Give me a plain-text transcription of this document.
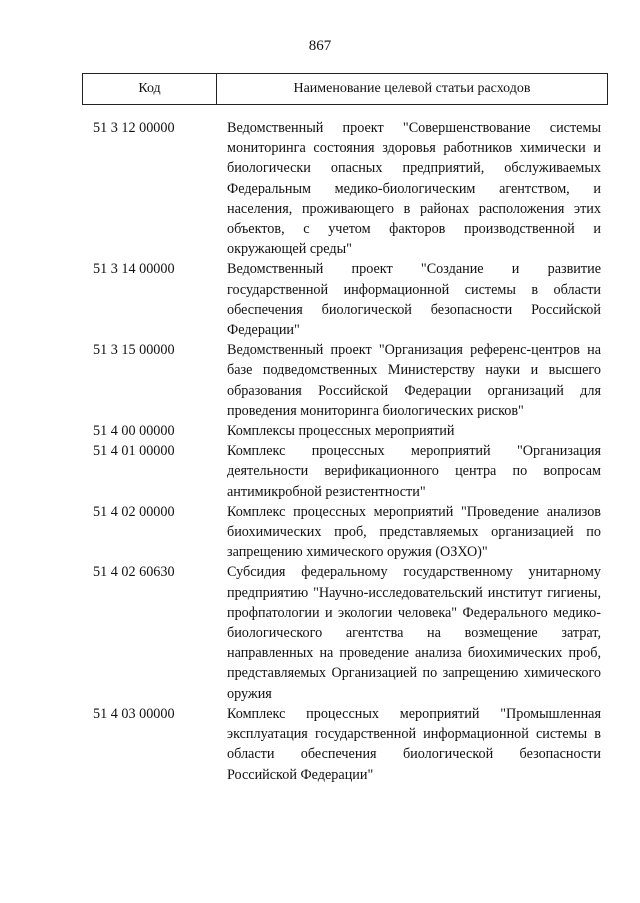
867
Код	Наименование целевой статьи расходов
51 3 12 00000	Ведомственный проект "Совершенствование системы мониторинга состояния здоровья работников химически и биологически опасных предприятий, обслуживаемых Федеральным медико-биологическим агентством, и населения, проживающего в районах расположения этих объектов, с учетом факторов производственной и окружающей среды"
51 3 14 00000	Ведомственный проект "Создание и развитие государственной информационной системы в области обеспечения биологической безопасности Российской Федерации"
51 3 15 00000	Ведомственный проект "Организация референс-центров на базе подведомственных Министерству науки и высшего образования Российской Федерации организаций для проведения мониторинга биологических рисков"
51 4 00 00000	Комплексы процессных мероприятий
51 4 01 00000	Комплекс процессных мероприятий "Организация деятельности верификационного центра по вопросам антимикробной резистентности"
51 4 02 00000	Комплекс процессных мероприятий "Проведение анализов биохимических проб, представляемых организацией по запрещению химического оружия (ОЗХО)"
51 4 02 60630	Субсидия федеральному государственному унитарному предприятию "Научно-исследовательский институт гигиены, профпатологии и экологии человека" Федерального медико-биологического агентства на возмещение затрат, направленных на проведение анализа биохимических проб, представляемых Организацией по запрещению химического оружия
51 4 03 00000	Комплекс процессных мероприятий "Промышленная эксплуатация государственной информационной системы в области обеспечения биологической безопасности Российской Федерации"
